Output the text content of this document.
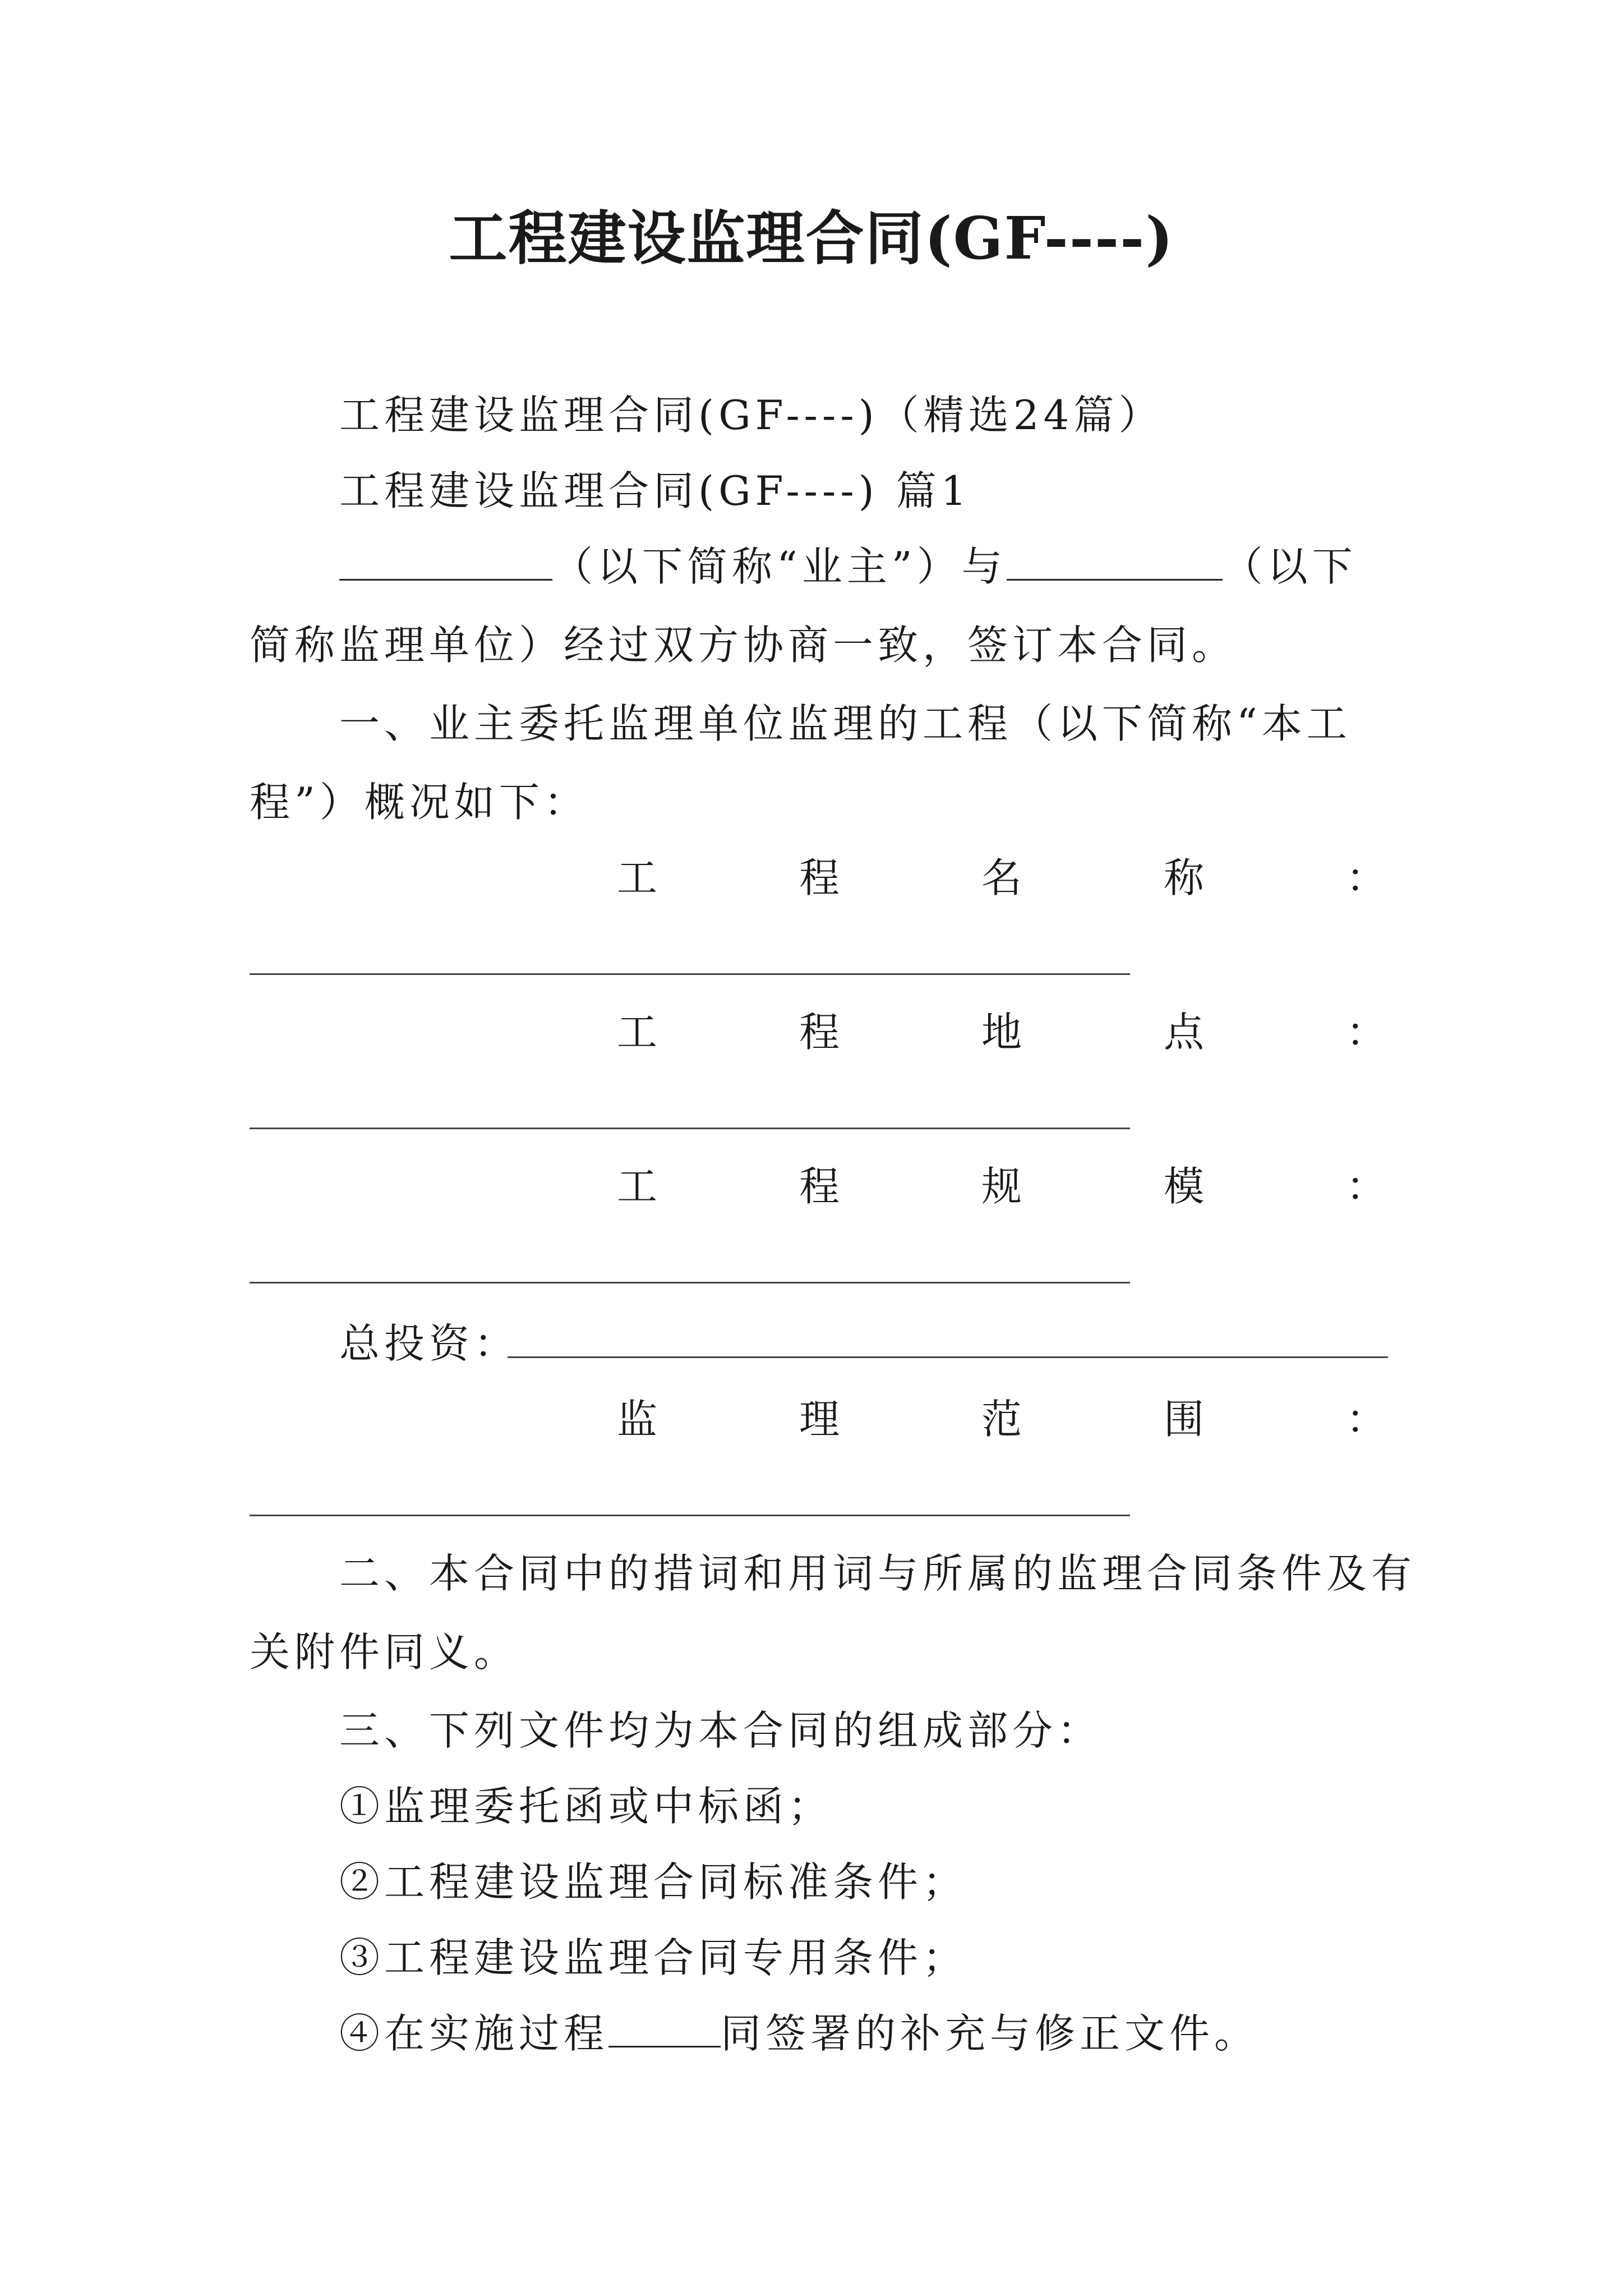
工程建设监理合同(GF----)
工程建设监理合同(GF----)（精选24篇）
工程建设监理合同(GF----) 篇1
（以下简称“业主”）与	（以下
简称监理单位）经过双方协商一致，签订本合同。
一、业主委托监理单位监理的工程（以下简称“本工
程”）概况如下：
工	程	名	称	：
工	程	地	点	：
工	程	规	模	：
总投资：
监	理	范	围	：
二、本合同中的措词和用词与所属的监理合同条件及有
关附件同义。
三、下列文件均为本合同的组成部分：
①监理委托函或中标函；
②工程建设监理合同标准条件；
③工程建设监理合同专用条件；
④在实施过程	同签署的补充与修正文件。
